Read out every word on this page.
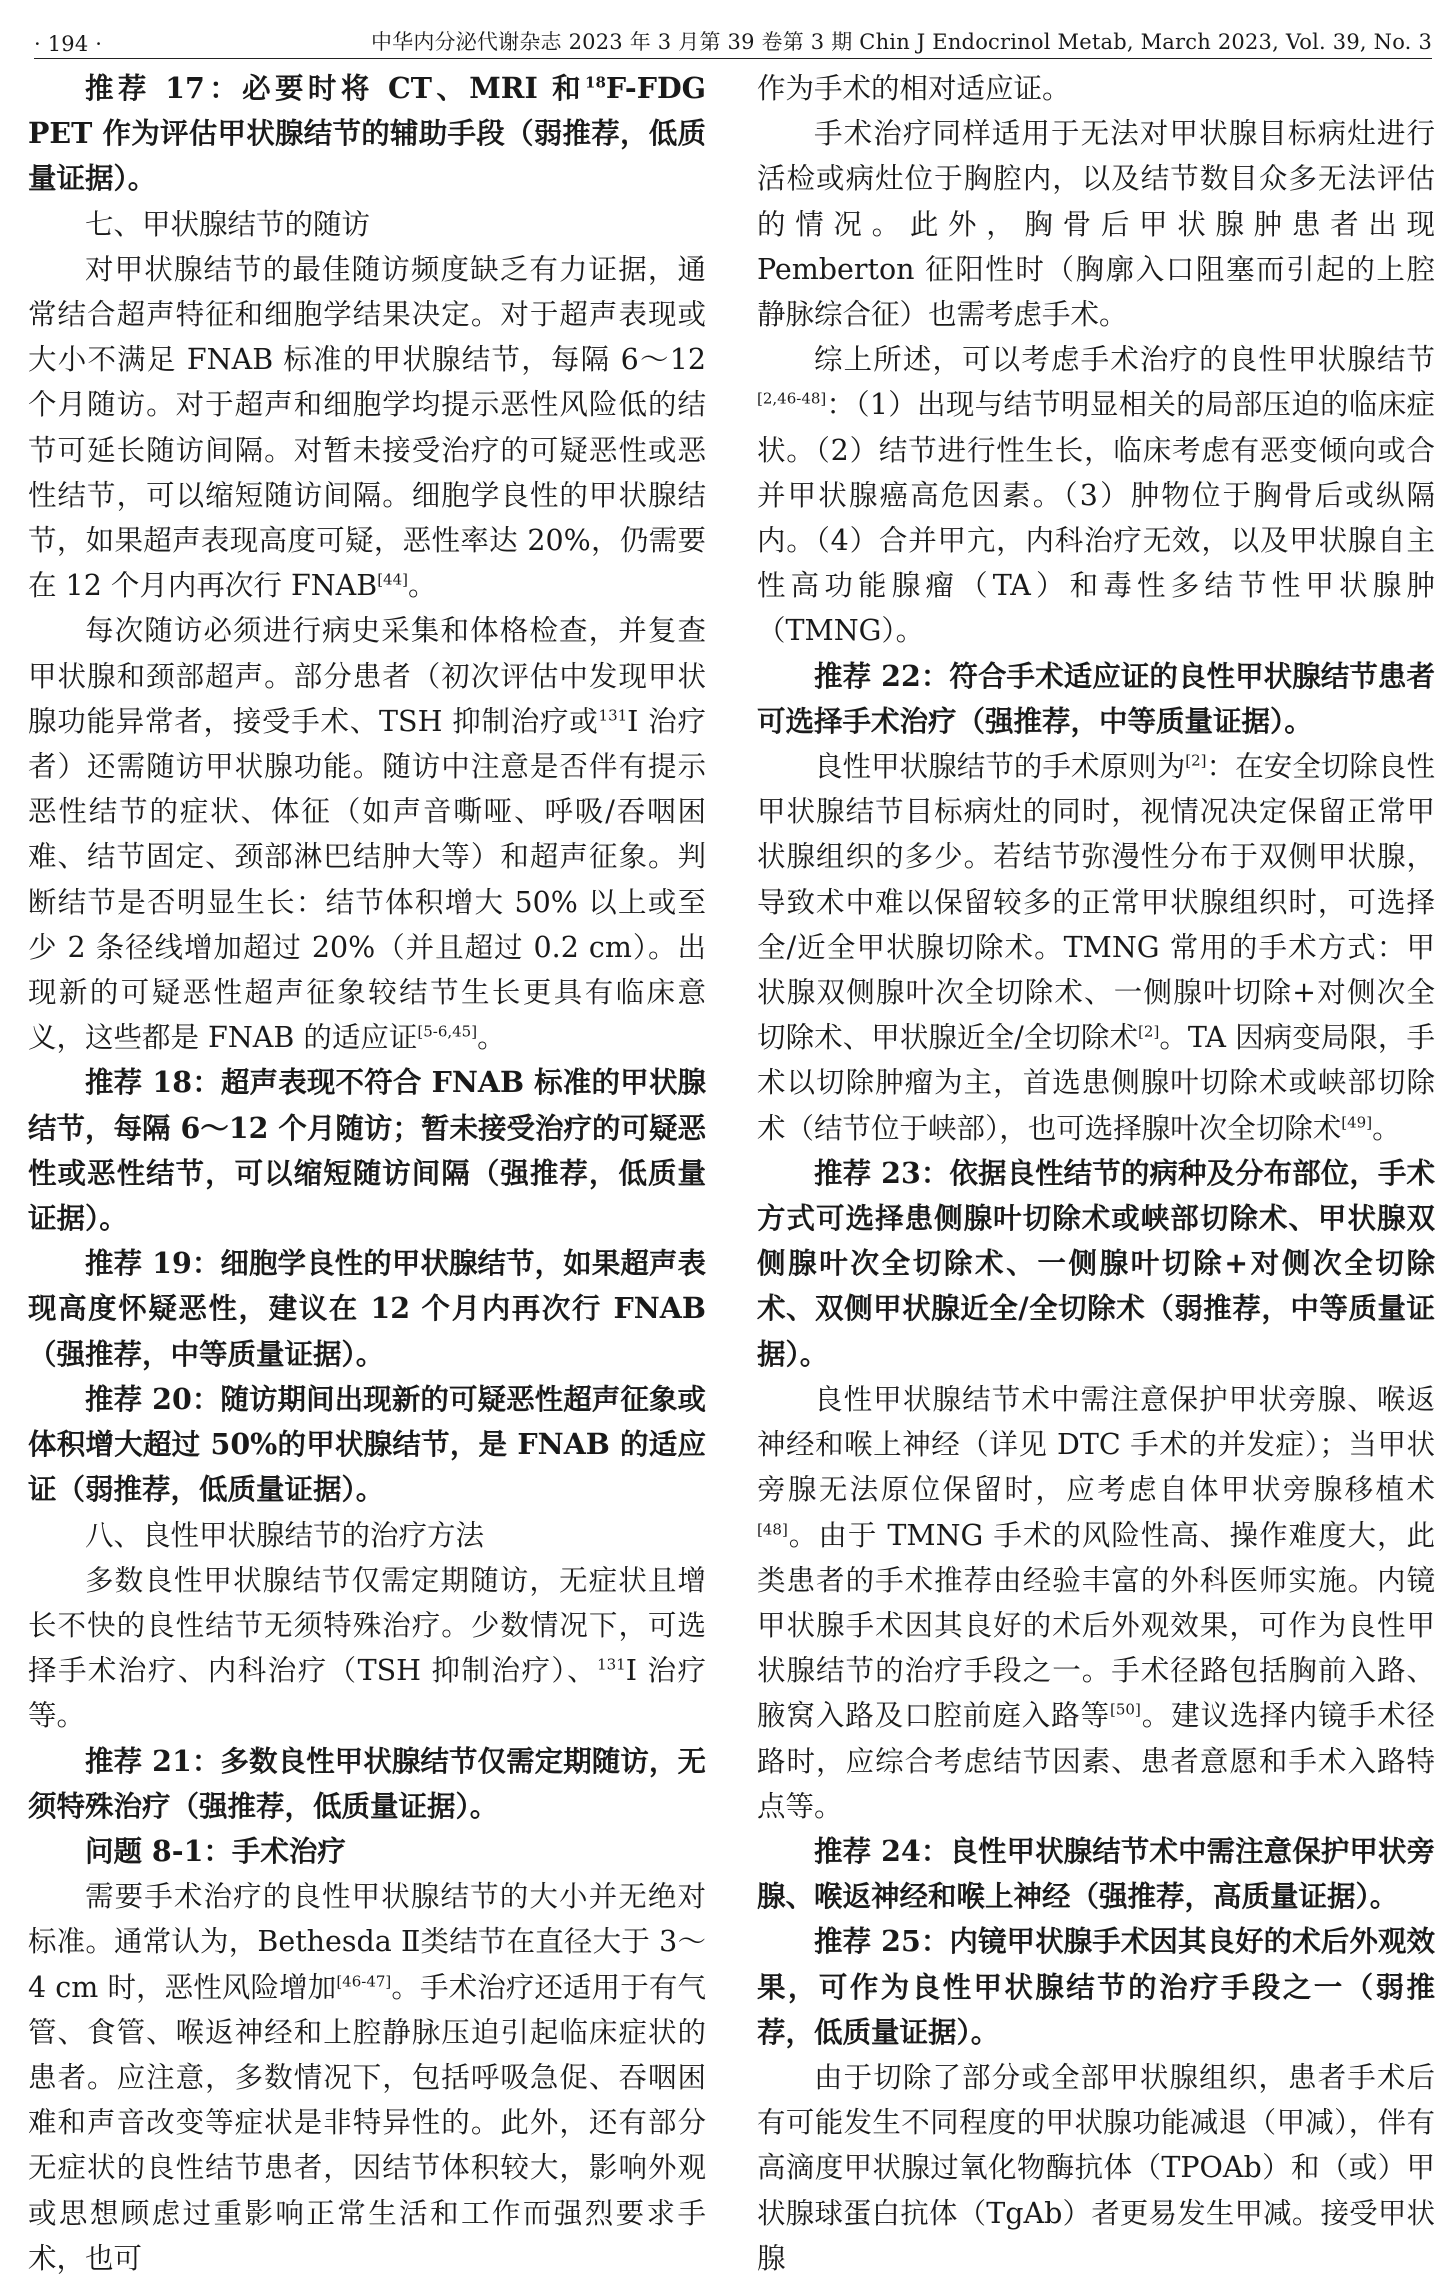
· 194 ·	中华内分泌代谢杂志 2023 年 3 月第 39 卷第 3 期 Chin J Endocrinol Metab, March 2023, Vol. 39, No. 3

推荐 17：必要时将 CT、MRI 和$^{18}$F-FDG PET 作为评估甲状腺结节的辅助手段（弱推荐，低质量证据）。

七、甲状腺结节的随访

对甲状腺结节的最佳随访频度缺乏有力证据，通常结合超声特征和细胞学结果决定。对于超声表现或大小不满足 FNAB 标准的甲状腺结节，每隔 6～12 个月随访。对于超声和细胞学均提示恶性风险低的结节可延长随访间隔。对暂未接受治疗的可疑恶性或恶性结节，可以缩短随访间隔。细胞学良性的甲状腺结节，如果超声表现高度可疑，恶性率达 20%，仍需要在 12 个月内再次行 FNAB[44]。

每次随访必须进行病史采集和体格检查，并复查甲状腺和颈部超声。部分患者（初次评估中发现甲状腺功能异常者，接受手术、TSH 抑制治疗或$^{131}$I 治疗者）还需随访甲状腺功能。随访中注意是否伴有提示恶性结节的症状、体征（如声音嘶哑、呼吸/吞咽困难、结节固定、颈部淋巴结肿大等）和超声征象。判断结节是否明显生长：结节体积增大 50% 以上或至少 2 条径线增加超过 20%（并且超过 0.2 cm）。出现新的可疑恶性超声征象较结节生长更具有临床意义，这些都是 FNAB 的适应证[5-6,45]。

推荐 18：超声表现不符合 FNAB 标准的甲状腺结节，每隔 6～12 个月随访；暂未接受治疗的可疑恶性或恶性结节，可以缩短随访间隔（强推荐，低质量证据）。

推荐 19：细胞学良性的甲状腺结节，如果超声表现高度怀疑恶性，建议在 12 个月内再次行 FNAB（强推荐，中等质量证据）。

推荐 20：随访期间出现新的可疑恶性超声征象或体积增大超过 50%的甲状腺结节，是 FNAB 的适应证（弱推荐，低质量证据）。

八、良性甲状腺结节的治疗方法

多数良性甲状腺结节仅需定期随访，无症状且增长不快的良性结节无须特殊治疗。少数情况下，可选择手术治疗、内科治疗（TSH 抑制治疗）、$^{131}$I 治疗等。

推荐 21：多数良性甲状腺结节仅需定期随访，无须特殊治疗（强推荐，低质量证据）。

问题 8-1：手术治疗

需要手术治疗的良性甲状腺结节的大小并无绝对标准。通常认为，Bethesda Ⅱ类结节在直径大于 3～4 cm 时，恶性风险增加[46-47]。手术治疗还适用于有气管、食管、喉返神经和上腔静脉压迫引起临床症状的患者。应注意，多数情况下，包括呼吸急促、吞咽困难和声音改变等症状是非特异性的。此外，还有部分无症状的良性结节患者，因结节体积较大，影响外观或思想顾虑过重影响正常生活和工作而强烈要求手术，也可

作为手术的相对适应证。

手术治疗同样适用于无法对甲状腺目标病灶进行活检或病灶位于胸腔内，以及结节数目众多无法评估的情况。此外，胸骨后甲状腺肿患者出现 Pemberton 征阳性时（胸廓入口阻塞而引起的上腔静脉综合征）也需考虑手术。

综上所述，可以考虑手术治疗的良性甲状腺结节[2,46-48]：（1）出现与结节明显相关的局部压迫的临床症状。（2）结节进行性生长，临床考虑有恶变倾向或合并甲状腺癌高危因素。（3）肿物位于胸骨后或纵隔内。（4）合并甲亢，内科治疗无效，以及甲状腺自主性高功能腺瘤（TA）和毒性多结节性甲状腺肿（TMNG）。

推荐 22：符合手术适应证的良性甲状腺结节患者可选择手术治疗（强推荐，中等质量证据）。

良性甲状腺结节的手术原则为[2]：在安全切除良性甲状腺结节目标病灶的同时，视情况决定保留正常甲状腺组织的多少。若结节弥漫性分布于双侧甲状腺，导致术中难以保留较多的正常甲状腺组织时，可选择全/近全甲状腺切除术。TMNG 常用的手术方式：甲状腺双侧腺叶次全切除术、一侧腺叶切除+对侧次全切除术、甲状腺近全/全切除术[2]。TA 因病变局限，手术以切除肿瘤为主，首选患侧腺叶切除术或峡部切除术（结节位于峡部），也可选择腺叶次全切除术[49]。

推荐 23：依据良性结节的病种及分布部位，手术方式可选择患侧腺叶切除术或峡部切除术、甲状腺双侧腺叶次全切除术、一侧腺叶切除+对侧次全切除术、双侧甲状腺近全/全切除术（弱推荐，中等质量证据）。

良性甲状腺结节术中需注意保护甲状旁腺、喉返神经和喉上神经（详见 DTC 手术的并发症）；当甲状旁腺无法原位保留时，应考虑自体甲状旁腺移植术[48]。由于 TMNG 手术的风险性高、操作难度大，此类患者的手术推荐由经验丰富的外科医师实施。内镜甲状腺手术因其良好的术后外观效果，可作为良性甲状腺结节的治疗手段之一。手术径路包括胸前入路、腋窝入路及口腔前庭入路等[50]。建议选择内镜手术径路时，应综合考虑结节因素、患者意愿和手术入路特点等。

推荐 24：良性甲状腺结节术中需注意保护甲状旁腺、喉返神经和喉上神经（强推荐，高质量证据）。

推荐 25：内镜甲状腺手术因其良好的术后外观效果，可作为良性甲状腺结节的治疗手段之一（弱推荐，低质量证据）。

由于切除了部分或全部甲状腺组织，患者手术后有可能发生不同程度的甲状腺功能减退（甲减），伴有高滴度甲状腺过氧化物酶抗体（TPOAb）和（或）甲状腺球蛋白抗体（TgAb）者更易发生甲减。接受甲状腺
